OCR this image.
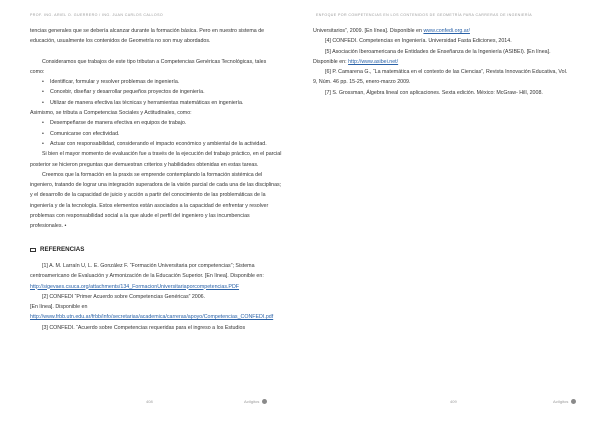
PROF. ING. ARIEL O. GUERRERO / ING. JUAN CARLOS CALLOSO

tencias generales que se debería alcanzar durante la formación básica. Pero en nuestro sistema de educación, usualmente los contenidos de Geometría no son muy abordados.

Consideramos que trabajos de este tipo tributan a Competencias Genéricas Tecnológicas, tales como:

• Identificar, formular y resolver problemas de ingeniería.
• Concebir, diseñar y desarrollar pequeños proyectos de ingeniería.
• Utilizar de manera efectiva las técnicas y herramientas matemáticas en ingeniería.

Asimismo, se tributa a Competencias Sociales y Actitudinales, como:

• Desempeñarse de manera efectiva en equipos de trabajo.
• Comunicarse con efectividad.
• Actuar con responsabilidad, considerando el impacto económico y ambiental de la actividad.

Si bien el mayor momento de evaluación fue a través de la ejecución del trabajo práctico, en el parcial posterior se hicieron preguntas que demuestran criterios y habilidades obtenidas en estas tareas.

Creemos que la formación en la praxis se emprende contemplando la formación sistémica del ingeniero, tratando de lograr una integración superadora de la visión parcial de cada una de las disciplinas; y el desarrollo de la capacidad de juicio y acción a partir del conocimiento de las problemáticas de la ingeniería y de la tecnología. Estos elementos están asociados a la capacidad de enfrentar y resolver problemas con responsabilidad social a la que alude el perfil del ingeniero y las incumbencias profesionales. •

REFERENCIAS

[1] A. M. Larraín U, L. E. González F. “Formación Universitaria por competencias”; Sistema centroamericano de Evaluación y Armonización de la Educación Superior. [En línea]. Disponible en: http://sigevaes.csuca.org/attachments/134_FormacionUniversitariaporcompetencias.PDF

[2] CONFEDI “Primer Acuerdo sobre Competencias Genéricas” 2006.

[En línea]. Disponible en http://www.frbb.utn.edu.ar/frbb/info/secretarias/academica/carreras/apoyo/Competencias_CONFEDI.pdf

[3] CONFEDI. “Acuerdo sobre Competencias requeridas para el ingreso a los Estudios

408	ActIgitos
ENFOQUE POR COMPETENCIAS EN LOS CONTENIDOS DE GEOMETRÍA PARA CARRERAS DE INGENIERÍA

Universitarios”, 2009. [En línea]. Disponible en www.confedi.org.ar/

[4] CONFEDI. Competencias en Ingeniería. Universidad Fasta Ediciones, 2014.

[5] Asociación Iberoamericana de Entidades de Enseñanza de la Ingeniería (ASIBEI). [En línea]. Disponible en: http://www.asibei.net/

[6] P. Camarena G., “La matemática en el contexto de las Ciencias”, Revista Innovación Educativa, Vol. 9, Núm. 46 pp. 15-25, enero-marzo 2009.

[7] S. Grossman, Álgebra lineal con aplicaciones. Sexta edición. México: McGraw- Hill, 2008.

409	ActIgitos
